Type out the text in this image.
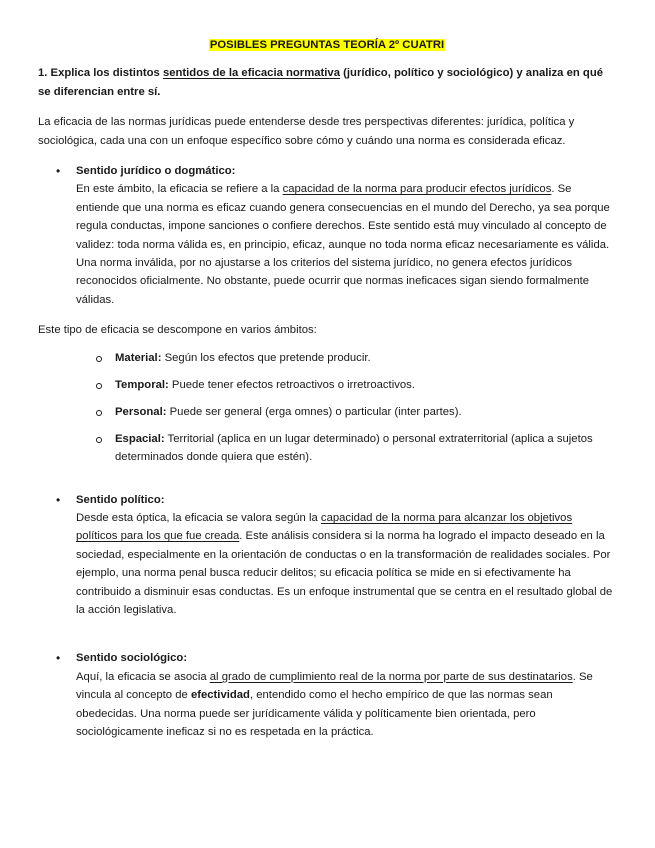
POSIBLES PREGUNTAS TEORÍA 2º CUATRI
1. Explica los distintos sentidos de la eficacia normativa (jurídico, político y sociológico) y analiza en qué se diferencian entre sí.

La eficacia de las normas jurídicas puede entenderse desde tres perspectivas diferentes: jurídica, política y sociológica, cada una con un enfoque específico sobre cómo y cuándo una norma es considerada eficaz.

• Sentido jurídico o dogmático:
En este ámbito, la eficacia se refiere a la capacidad de la norma para producir efectos jurídicos. Se entiende que una norma es eficaz cuando genera consecuencias en el mundo del Derecho, ya sea porque regula conductas, impone sanciones o confiere derechos. Este sentido está muy vinculado al concepto de validez: toda norma válida es, en principio, eficaz, aunque no toda norma eficaz necesariamente es válida. Una norma inválida, por no ajustarse a los criterios del sistema jurídico, no genera efectos jurídicos reconocidos oficialmente. No obstante, puede ocurrir que normas ineficaces sigan siendo formalmente válidas.

Este tipo de eficacia se descompone en varios ámbitos:

Material: Según los efectos que pretende producir.
Temporal: Puede tener efectos retroactivos o irretroactivos.
Personal: Puede ser general (erga omnes) o particular (inter partes).
Espacial: Territorial (aplica en un lugar determinado) o personal extraterritorial (aplica a sujetos determinados donde quiera que estén).
• Sentido político:
Desde esta óptica, la eficacia se valora según la capacidad de la norma para alcanzar los objetivos políticos para los que fue creada. Este análisis considera si la norma ha logrado el impacto deseado en la sociedad, especialmente en la orientación de conductas o en la transformación de realidades sociales. Por ejemplo, una norma penal busca reducir delitos; su eficacia política se mide en si efectivamente ha contribuido a disminuir esas conductas. Es un enfoque instrumental que se centra en el resultado global de la acción legislativa.
• Sentido sociológico:
Aquí, la eficacia se asocia al grado de cumplimiento real de la norma por parte de sus destinatarios. Se vincula al concepto de efectividad, entendido como el hecho empírico de que las normas sean obedecidas. Una norma puede ser jurídicamente válida y políticamente bien orientada, pero sociológicamente ineficaz si no es respetada en la práctica.
